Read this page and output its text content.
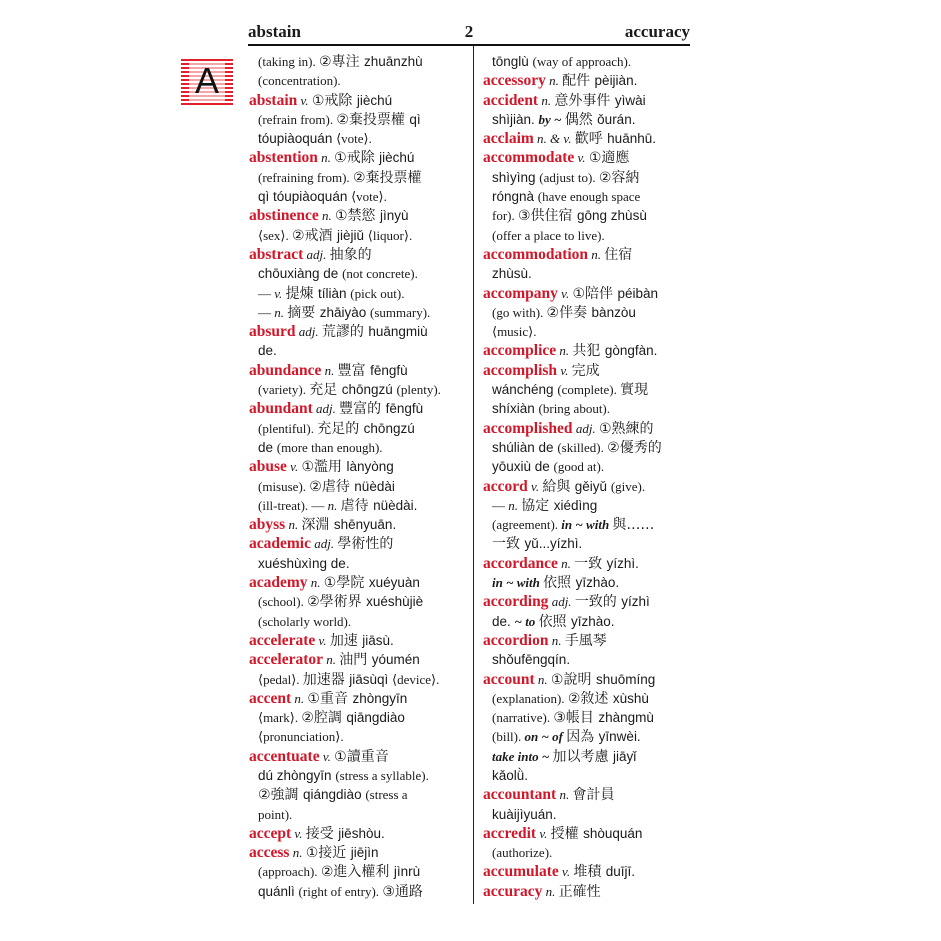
abstain	2	accuracy
A	(taking in). ②專注 zhuānzhù
(concentration).
abstain v. ①戒除 jièchú
(refrain from). ②棄投票權 qì
tóupiàoquán ⟨vote⟩.
abstention n. ①戒除 jièchú
(refraining from). ②棄投票權
qì tóupiàoquán ⟨vote⟩.
abstinence n. ①禁慾 jìnyù
⟨sex⟩. ②戒酒 jièjiǔ ⟨liquor⟩.
abstract adj. 抽象的
chōuxiàng de (not concrete).
— v. 提煉 tíliàn (pick out).
— n. 摘要 zhāiyào (summary).
absurd adj. 荒謬的 huāngmiù
de.
abundance n. 豐富 fēngfù
(variety). 充足 chōngzú (plenty).
abundant adj. 豐富的 fēngfù
(plentiful). 充足的 chōngzú
de (more than enough).
abuse v. ①濫用 lànyòng
(misuse). ②虐待 nüèdài
(ill-treat). — n. 虐待 nüèdài.
abyss n. 深淵 shēnyuān.
academic adj. 學術性的
xuéshùxìng de.
academy n. ①學院 xuéyuàn
(school). ②學術界 xuéshùjiè
(scholarly world).
accelerate v. 加速 jiāsù.
accelerator n. 油門 yóumén
⟨pedal⟩. 加速器 jiāsùqì ⟨device⟩.
accent n. ①重音 zhòngyīn
⟨mark⟩. ②腔調 qiāngdiào
⟨pronunciation⟩.
accentuate v. ①讀重音
dú zhòngyīn (stress a syllable).
②強調 qiángdiào (stress a
point).
accept v. 接受 jiēshòu.
access n. ①接近 jiējìn
(approach). ②進入權利 jìnrù
quánlì (right of entry). ③通路
tōnglù (way of approach).
accessory n. 配件 pèijiàn.
accident n. 意外事件 yìwài
shìjiàn. by ~ 偶然 ǒurán.
acclaim n. & v. 歡呼 huānhū.
accommodate v. ①適應
shìyìng (adjust to). ②容納
róngnà (have enough space
for). ③供住宿 gōng zhùsù
(offer a place to live).
accommodation n. 住宿
zhùsù.
accompany v. ①陪伴 péibàn
(go with). ②伴奏 bànzòu
⟨music⟩.
accomplice n. 共犯 gòngfàn.
accomplish v. 完成
wánchéng (complete). 實現
shíxiàn (bring about).
accomplished adj. ①熟練的
shúliàn de (skilled). ②優秀的
yōuxiù de (good at).
accord v. 給與 gěiyǔ (give).
— n. 協定 xiédìng
(agreement). in ~ with 與……
一致 yǔ...yízhì.
accordance n. 一致 yízhì.
in ~ with 依照 yīzhào.
according adj. 一致的 yízhì
de. ~ to 依照 yīzhào.
accordion n. 手風琴
shǒufēngqín.
account n. ①說明 shuōmíng
(explanation). ②敘述 xùshù
(narrative). ③帳目 zhàngmù
(bill). on ~ of 因為 yīnwèi.
take into ~ 加以考慮 jiāyǐ
kǎolǜ.
accountant n. 會計員
kuàijìyuán.
accredit v. 授權 shòuquán
(authorize).
accumulate v. 堆積 duījī.
accuracy n. 正確性
